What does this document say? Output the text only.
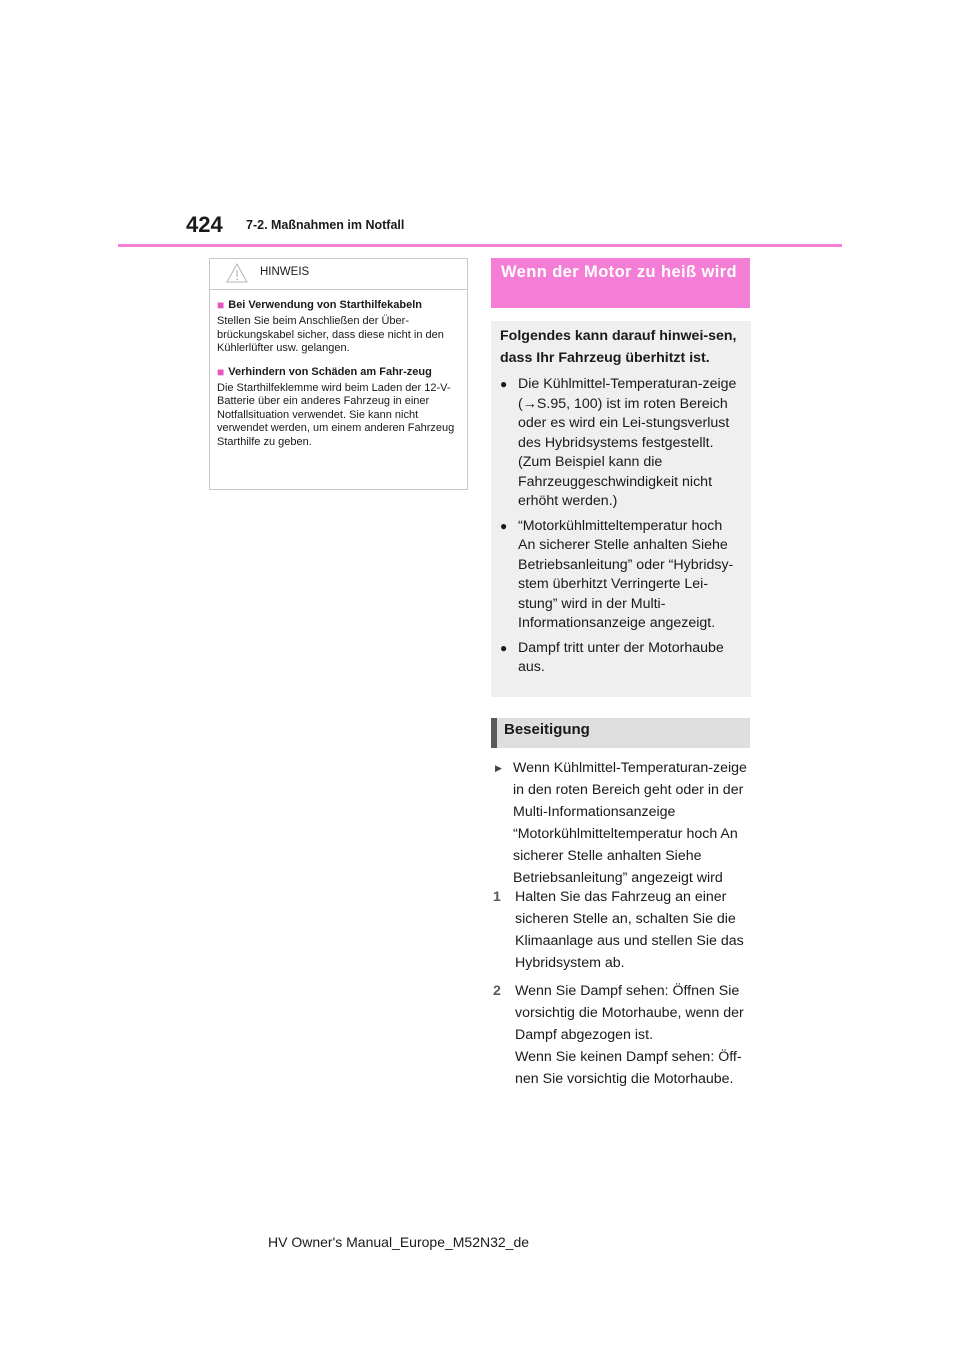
424 7-2. Maßnahmen im Notfall
HINWEIS
■ Bei Verwendung von Starthilfekabeln

Stellen Sie beim Anschließen der Über-brückungskabel sicher, dass diese nicht in den Kühlerlüfter usw. gelangen.

■ Verhindern von Schäden am Fahr-zeug

Die Starthilfeklemme wird beim Laden der 12-V-Batterie über ein anderes Fahrzeug in einer Notfallsituation verwendet. Sie kann nicht verwendet werden, um einem anderen Fahrzeug Starthilfe zu geben.

Wenn der Motor zu heiß wird

Folgendes kann darauf hinwei-sen, dass Ihr Fahrzeug überhitzt ist.

● Die Kühlmittel-Temperaturan-zeige (→S.95, 100) ist im roten Bereich oder es wird ein Lei-stungsverlust des Hybridsystems festgestellt. (Zum Beispiel kann die Fahrzeuggeschwindigkeit nicht erhöht werden.)
● “Motorkühlmitteltemperatur hoch An sicherer Stelle anhalten Siehe Betriebsanleitung” oder “Hybridsy-stem überhitzt Verringerte Lei-stung” wird in der Multi-Informationsanzeige angezeigt.
● Dampf tritt unter der Motorhaube aus.
Beseitigung
▶ Wenn Kühlmittel-Temperaturan-zeige in den roten Bereich geht oder in der Multi-Informationsanzeige “Motorkühlmitteltemperatur hoch An sicherer Stelle anhalten Siehe Betriebsanleitung” angezeigt wird
1 Halten Sie das Fahrzeug an einer sicheren Stelle an, schalten Sie die Klimaanlage aus und stellen Sie das Hybridsystem ab.
2 Wenn Sie Dampf sehen: Öffnen Sie vorsichtig die Motorhaube, wenn der Dampf abgezogen ist.
Wenn Sie keinen Dampf sehen: Öff-nen Sie vorsichtig die Motorhaube.
HV Owner's Manual_Europe_M52N32_de
